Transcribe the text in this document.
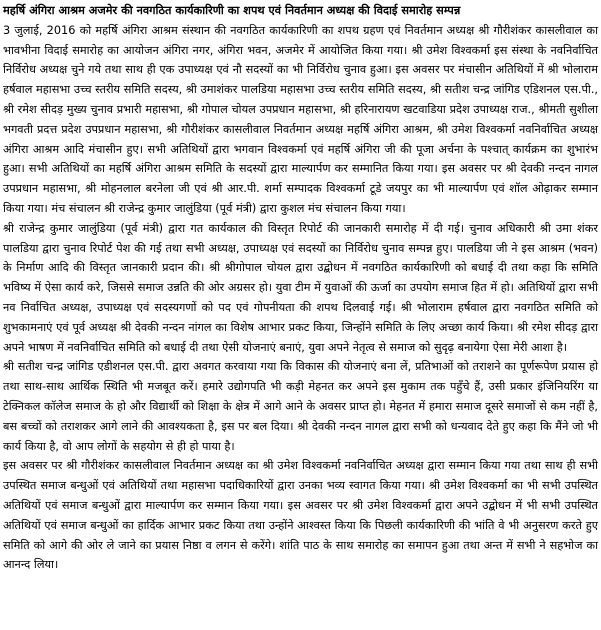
महर्षि अंगिरा आश्रम अजमेर की नवगठित कार्यकारिणी का शपथ एवं निवर्तमान अध्यक्ष की विदाई समारोह सम्पन्न

3 जुलाई, 2016 को महर्षि अंगिरा आश्रम संस्थान की नवगठित कार्यकारिणी का शपथ ग्रहण एवं निवर्तमान अध्यक्ष श्री गौरीशंकर कासलीवाल का भावभीना विदाई समारोह का आयोजन अंगिरा नगर, अंगिरा भवन, अजमेर में आयोजित किया गया। श्री उमेश विश्वकर्मा इस संस्था के नवनिर्वाचित निर्विरोध अध्यक्ष चुने गये तथा साथ ही एक उपाध्यक्ष एवं नौ सदस्यों का भी निर्विरोध चुनाव हुआ। इस अवसर पर मंचासीन अतिथियों में श्री भोलाराम हर्षवाल महासभा उच्च स्तरीय समिति सदस्य, श्री उमाशंकर पालडिया महासभा उच्च स्तरीय समिति सदस्य, श्री सतीश चन्द्र जांगिड एडिशनल एस.पी., श्री रमेश सीदड़ मुख्य चुनाव प्रभारी महासभा, श्री गोपाल चोयल उपप्रधान महासभा, श्री हरिनारायण खटवाडिया प्रदेश उपाध्यक्ष राज., श्रीमती सुशीला भगवती प्रदत्त प्रदेश उपप्रधान महासभा, श्री गौरीशंकर कासलीवाल निवर्तमान अध्यक्ष महर्षि अंगिरा आश्रम, श्री उमेश विश्वकर्मा नवनिर्वाचित अध्यक्ष अंगिरा आश्रम आदि मंचासीन हुए। सभी अतिथियों द्वारा भगवान विश्वकर्मा एवं महर्षि अंगिरा जी की पूजा अर्चना के पश्चात् कार्यक्रम का शुभारंभ हुआ। सभी अतिथियों का महर्षि अंगिरा आश्रम समिति के सदस्यों द्वारा माल्यार्पण कर सम्मानित किया गया। इस अवसर पर श्री देवकी नन्दन नागल उपप्रधान महासभा, श्री मोहनलाल बरनेला जी एवं श्री आर.पी. शर्मा सम्पादक विश्वकर्मा टूडे जयपुर का भी माल्यार्पण एवं शॉल ओढ़ाकर सम्मान किया गया। मंच संचालन श्री राजेन्द्र कुमार जालुंडिया (पूर्व मंत्री) द्वारा कुशल मंच संचालन किया गया।

श्री राजेन्द्र कुमार जालुंडिया (पूर्व मंत्री) द्वारा गत कार्यकाल की विस्तृत रिपोर्ट की जानकारी समारोह में दी गई। चुनाव अधिकारी श्री उमा शंकर पालडिया द्वारा चुनाव रिपोर्ट पेश की गई तथा सभी अध्यक्ष, उपाध्यक्ष एवं सदस्यों का निर्विरोध चुनाव सम्पन्न हुए। पालडिया जी ने इस आश्रम (भवन) के निर्माण आदि की विस्तृत जानकारी प्रदान की। श्री श्रीगोपाल चोयल द्वारा उद्बोधन में नवगठित कार्यकारिणी को बधाई दी तथा कहा कि समिति भविष्य में ऐसा कार्य करे, जिससे समाज उन्नति की ओर अग्रसर हो। युवा टीम में युवाओं की ऊर्जा का उपयोग समाज हित में हो। अतिथियों द्वारा सभी नव निर्वाचित अध्यक्ष, उपाध्यक्ष एवं सदस्यगणों को पद एवं गोपनीयता की शपथ दिलवाई गई। श्री भोलाराम हर्षवाल द्वारा नवगठित समिति को शुभकामनाएं एवं पूर्व अध्यक्ष श्री देवकी नन्दन नांगल का विशेष आभार प्रकट किया, जिन्होंने समिति के लिए अच्छा कार्य किया। श्री रमेश सीदड़ द्वारा अपने भाषण में नवनिर्वाचित समिति को बधाई दी तथा ऐसी योजनाएं बनाएं, युवा अपने नेतृत्व से समाज को सुदृढ़ बनायेगा ऐसा मेरी आशा है।

श्री सतीश चन्द्र जांगिड एडीशनल एस.पी. द्वारा अवगत करवाया गया कि विकास की योजनाएं बना लें, प्रतिभाओं को तराशने का पूर्णरूपेण प्रयास हो तथा साथ-साथ आर्थिक स्थिति भी मजबूत करें। हमारे उद्योगपति भी कड़ी मेहनत कर अपने इस मुकाम तक पहुँचे हैं, उसी प्रकार इंजिनियरिंग या टेक्निकल कॉलेज समाज के हो और विद्यार्थी को शिक्षा के क्षेत्र में आगे आने के अवसर प्राप्त हो। मेहनत में हमारा समाज दूसरे समाजों से कम नहीं है, बस बच्चों को तराशकर आगे लाने की आवश्यकता है, इस पर बल दिया। श्री देवकी नन्दन नागल द्वारा सभी को धन्यवाद देते हुए कहा कि मैंने जो भी कार्य किया है, वो आप लोगों के सहयोग से ही हो पाया है।

इस अवसर पर श्री गौरीशंकर कासलीवाल निवर्तमान अध्यक्ष का श्री उमेश विश्वकर्मा नवनिर्वाचित अध्यक्ष द्वारा सम्मान किया गया तथा साथ ही सभी उपस्थित समाज बन्धुओं एवं अतिथियों तथा महासभा पदाधिकारियों द्वारा उनका भव्य स्वागत किया गया। श्री उमेश विश्वकर्मा का भी सभी उपस्थित अतिथियों एवं समाज बन्धुओं द्वारा माल्यार्पण कर सम्मान किया गया। इस अवसर पर श्री उमेश विश्वकर्मा द्वारा अपने उद्बोधन में भी सभी उपस्थित अतिथियों एवं समाज बन्धुओं का हार्दिक आभार प्रकट किया तथा उन्होंने आश्वस्त किया कि पिछली कार्यकारिणी की भांति वे भी अनुसरण करते हुए समिति को आगे की ओर ले जाने का प्रयास निष्ठा व लगन से करेंगे। शांति पाठ के साथ समारोह का समापन हुआ तथा अन्त में सभी ने सहभोज का आनन्द लिया।
